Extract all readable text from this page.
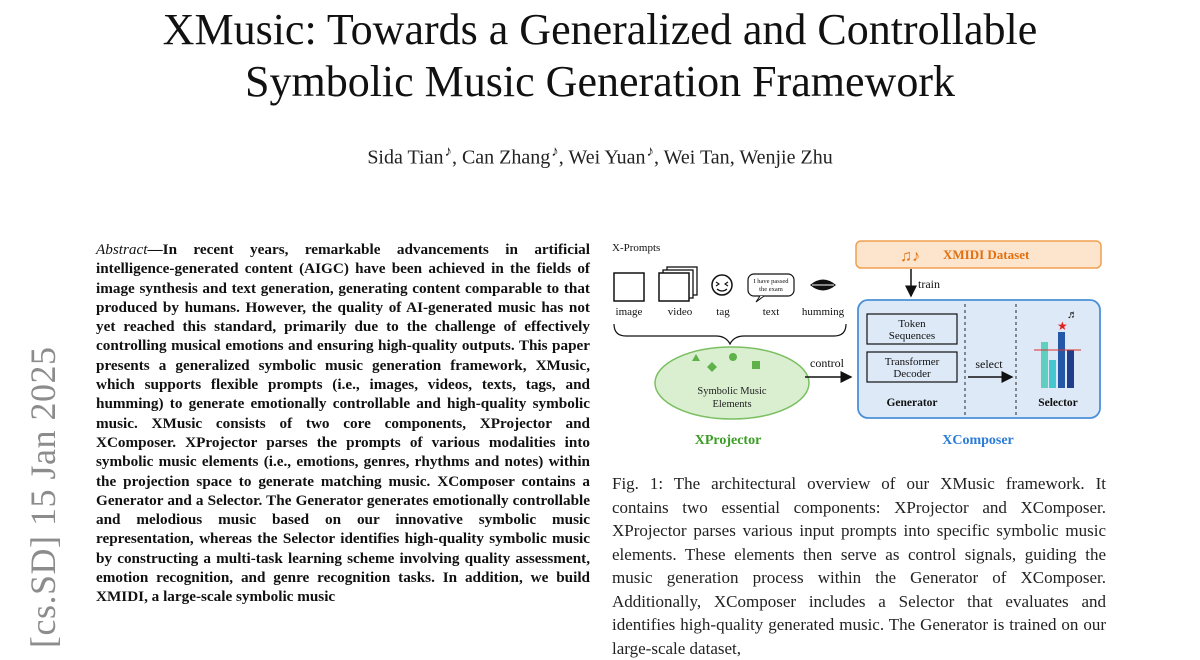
XMusic: Towards a Generalized and Controllable
Symbolic Music Generation Framework
Sida Tian♪, Can Zhang♪, Wei Yuan♪, Wei Tan, Wenjie Zhu
[cs.SD] 15 Jan 2025
Abstract—In recent years, remarkable advancements in artificial intelligence-generated content (AIGC) have been achieved in the fields of image synthesis and text generation, generating content comparable to that produced by humans. However, the quality of AI-generated music has not yet reached this standard, primarily due to the challenge of effectively controlling musical emotions and ensuring high-quality outputs. This paper presents a generalized symbolic music generation framework, XMusic, which supports flexible prompts (i.e., images, videos, texts, tags, and humming) to generate emotionally controllable and high-quality symbolic music. XMusic consists of two core components, XProjector and XComposer. XProjector parses the prompts of various modalities into symbolic music elements (i.e., emotions, genres, rhythms and notes) within the projection space to generate matching music. XComposer contains a Generator and a Selector. The Generator generates emotionally controllable and melodious music based on our innovative symbolic music representation, whereas the Selector identifies high-quality symbolic music by constructing a multi-task learning scheme involving quality assessment, emotion recognition, and genre recognition tasks. In addition, we build XMIDI, a large-scale symbolic music
X-Prompts
I have passed
the exam
image video tag	text humming
Symbolic Music
Elements
XProjector
control
♫♪ XMIDI Dataset
train
Token
Sequences
Transformer
Decoder
Generator
select
★
♬
Selector
XComposer
Fig. 1: The architectural overview of our XMusic framework. It contains two essential components: XProjector and XComposer. XProjector parses various input prompts into specific symbolic music elements. These elements then serve as control signals, guiding the music generation process within the Generator of XComposer. Additionally, XComposer includes a Selector that evaluates and identifies high-quality generated music. The Generator is trained on our large-scale dataset,
